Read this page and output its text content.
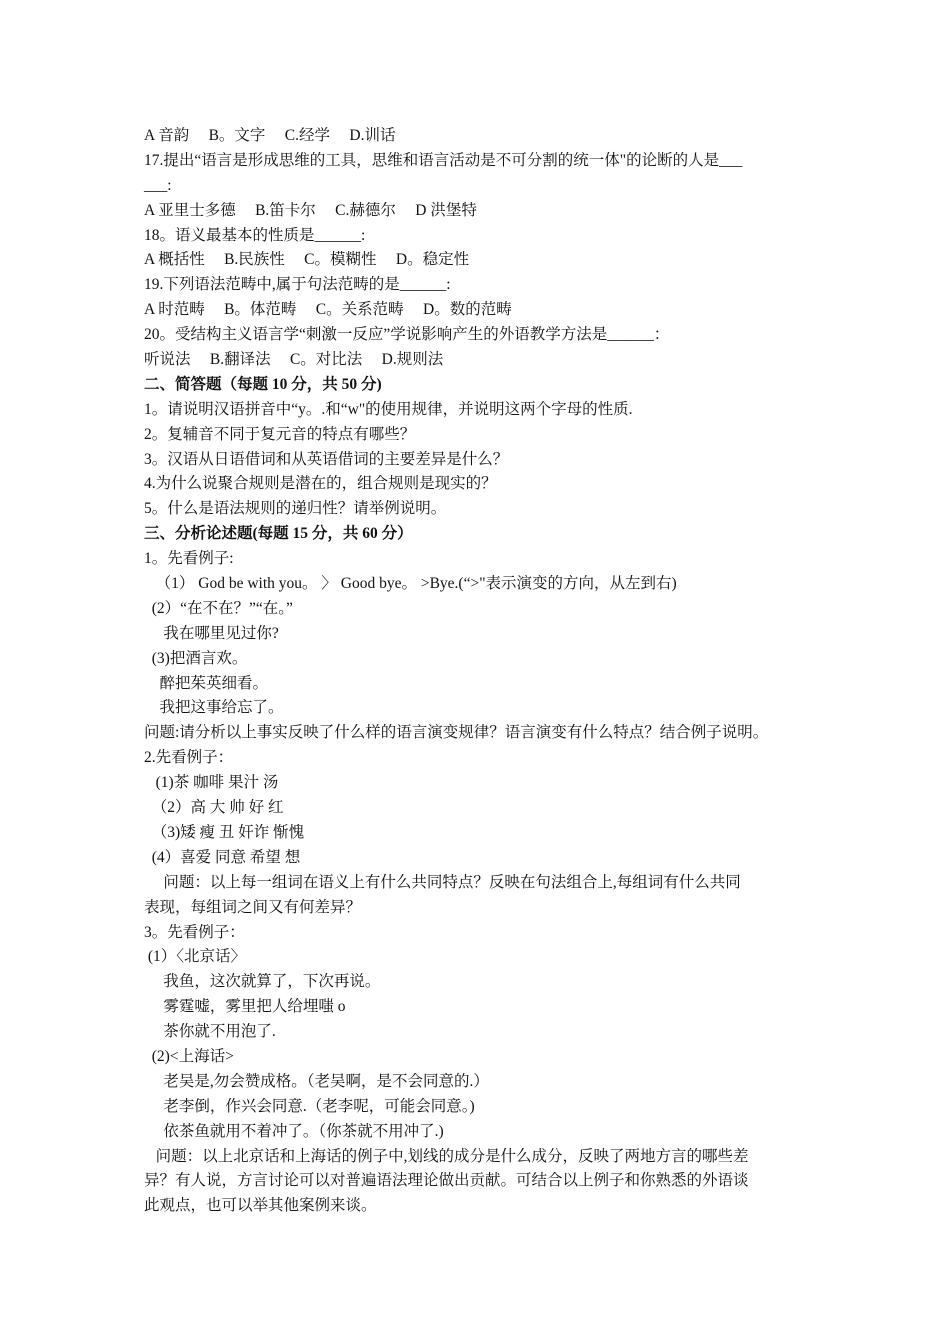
A 音韵　 B。文字　 C.经学　 D.训话
17.提出“语言是形成思维的工具，思维和语言活动是不可分割的统一体"的论断的人是___
___:
A 亚里士多德　 B.笛卡尔　 C.赫德尔　 D 洪堡特
18。语义最基本的性质是______:
A 概括性　 B.民族性　 C。模糊性　 D。稳定性
19.下列语法范畴中,属于句法范畴的是______:
A 时范畴　 B。体范畴　 C。关系范畴　 D。数的范畴
20。受结构主义语言学“刺激一反应”学说影响产生的外语教学方法是______：
听说法　 B.翻译法　 C。对比法　 D.规则法
二、简答题（每题 10 分，共 50 分)
1。请说明汉语拼音中“y。.和“w"的使用规律，并说明这两个字母的性质.
2。复辅音不同于复元音的特点有哪些？
3。汉语从日语借词和从英语借词的主要差异是什么？
4.为什么说聚合规则是潜在的，组合规则是现实的？
5。什么是语法规则的递归性？请举例说明。
三、分析论述题(每题 15 分，共 60 分）
1。先看例子:
（1） God be with you。 〉 Good bye。 >Bye.(“>"表示演变的方向，从左到右)
(2）“在不在？”“在。”
我在哪里见过你?
(3)把酒言欢。
醉把茱英细看。
我把这事给忘了。
问题:请分析以上事实反映了什么样的语言演变规律？语言演变有什么特点？结合例子说明。
2.先看例子：
(1)茶 咖啡 果汁 汤
（2）高 大 帅 好 红
（3)矮 瘦 丑 奸诈 惭愧
(4）喜爱 同意 希望 想
问题：以上每一组词在语义上有什么共同特点？反映在句法组合上,每组词有什么共同
表现，每组词之间又有何差异？
3。先看例子：
(1）〈北京话〉
我鱼，这次就算了，下次再说。
雾霆嘘，雾里把人给埋嗤 o
茶你就不用泡了.
(2)<上海话>
老吴是,勿会赞成格。（老吴啊，是不会同意的.）
老李倒，作兴会同意.（老李呢，可能会同意。)
依茶鱼就用不着冲了。（你茶就不用冲了.)
问题：以上北京话和上海话的例子中,划线的成分是什么成分，反映了两地方言的哪些差
异？有人说，方言讨论可以对普遍语法理论做出贡献。可结合以上例子和你熟悉的外语谈
此观点，也可以举其他案例来谈。
